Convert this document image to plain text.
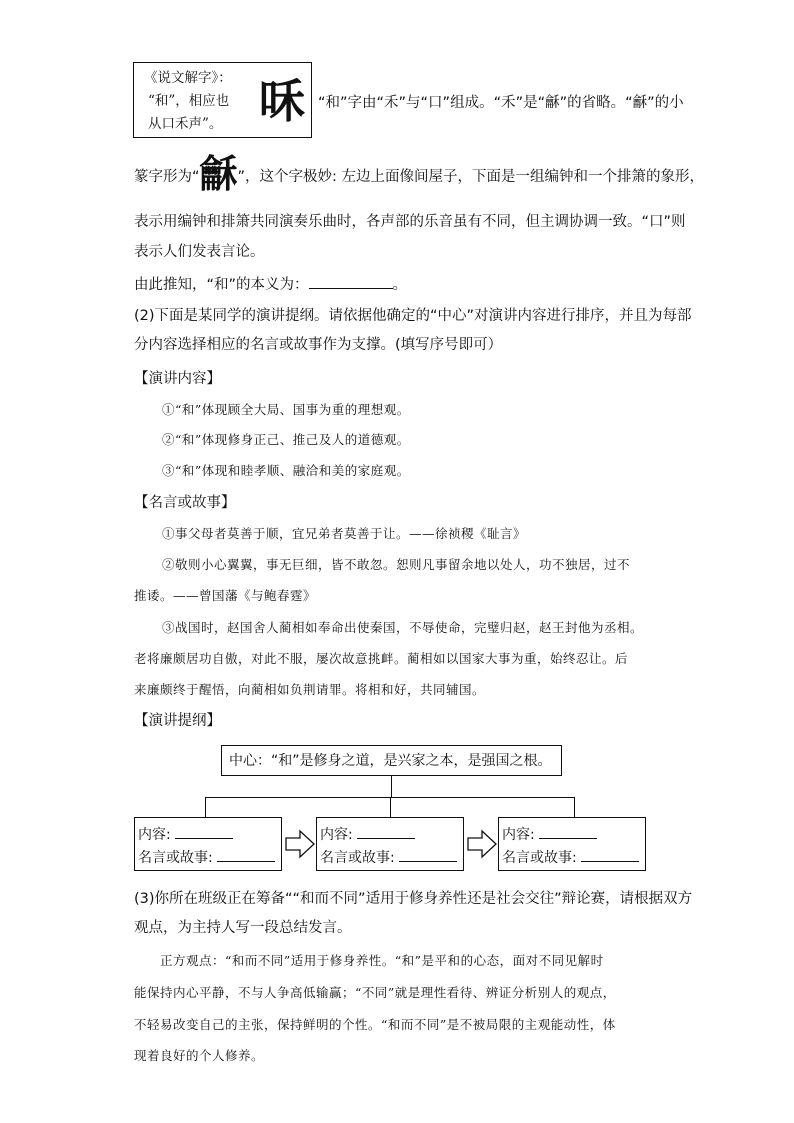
《说文解字》：
“和”，相应也
从口禾声”。 咊 “和”字由“禾”与“口”组成。“禾”是“龢”的省略。“龢”的小
篆字形为“龢”，这个字极妙: 左边上面像间屋子，下面是一组编钟和一个排箫的象形，
表示用编钟和排箫共同演奏乐曲时，各声部的乐音虽有不同，但主调协调一致。“口”则
表示人们发表言论。
由此推知，“和”的本义为：	。
(2)下面是某同学的演讲提纲。请依据他确定的“中心”对演讲内容进行排序，并且为每部
分内容选择相应的名言或故事作为支撑。(填写序号即可）
【演讲内容】
①“和”体现顾全大局、国事为重的理想观。
②“和”体现修身正己、推己及人的道德观。
③“和”体现和睦孝顺、融洽和美的家庭观。
【名言或故事】
①事父母者莫善于顺，宜兄弟者莫善于让。——徐祯稷《耻言》
②敬则小心翼翼，事无巨细，皆不敢忽。恕则凡事留余地以处人，功不独居，过不
推诿。——曾国藩《与鲍春霆》
③战国时，赵国舍人蔺相如奉命出使秦国，不辱使命，完璧归赵，赵王封他为丞相。
老将廉颇居功自傲，对此不服，屡次故意挑衅。蔺相如以国家大事为重，始终忍让。后
来廉颇终于醒悟，向蔺相如负荆请罪。将相和好，共同辅国。
【演讲提纲】
中心：“和”是修身之道，是兴家之本，是强国之根。
内容:
名言或故事:
内容:
名言或故事:
内容:
名言或故事:
(3)你所在班级正在筹备““和而不同”适用于修身养性还是社会交往”辩论赛，请根据双方
观点，为主持人写一段总结发言。
正方观点：“和而不同”适用于修身养性。“和”是平和的心态，面对不同见解时
能保持内心平静，不与人争高低输赢；“不同”就是理性看待、辨证分析别人的观点，
不轻易改变自己的主张，保持鲜明的个性。“和而不同”是不被局限的主观能动性，体
现着良好的个人修养。
